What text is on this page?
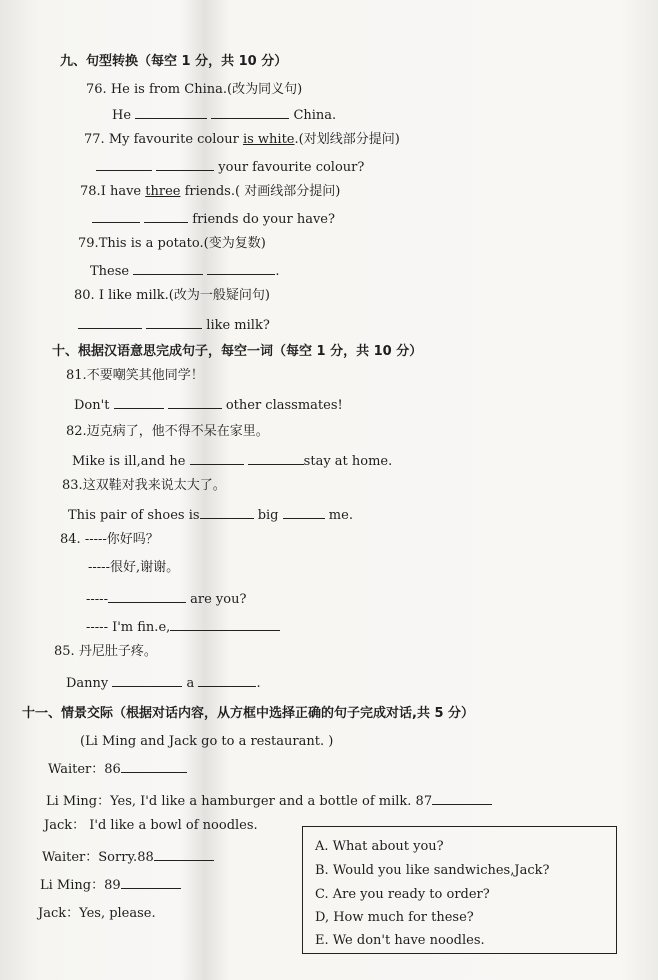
九、句型转换（每空 1 分，共 10 分）
76. He is from China.(改为同义句)
He	China.
77. My favourite colour is white.(对划线部分提问)
your favourite colour?
78.I have three friends.( 对画线部分提问)
friends do your have?
79.This is a potato.(变为复数)
These	.
80. I like milk.(改为一般疑问句)
like milk?
十、根据汉语意思完成句子，每空一词（每空 1 分，共 10 分）
81.不要嘲笑其他同学！
Don't	other classmates!
82.迈克病了，他不得不呆在家里。
Mike is ill,and he	stay at home.
83.这双鞋对我来说太大了。
This pair of shoes is	big	me.
84. -----你好吗？
-----很好,谢谢。
-----	are you?
----- I'm fin.e,
85. 丹尼肚子疼。
Danny	a	.
十一、情景交际（根据对话内容，从方框中选择正确的句子完成对话,共 5 分）
(Li Ming and Jack go to a restaurant. )
Waiter：86
Li Ming：Yes, I'd like a hamburger and a bottle of milk. 87
Jack： I'd like a bowl of noodles.
Waiter：Sorry.88
Li Ming：89
Jack：Yes, please.
A. What about you?
B. Would you like sandwiches,Jack?
C. Are you ready to order?
D, How much for these?
E. We don't have noodles.
